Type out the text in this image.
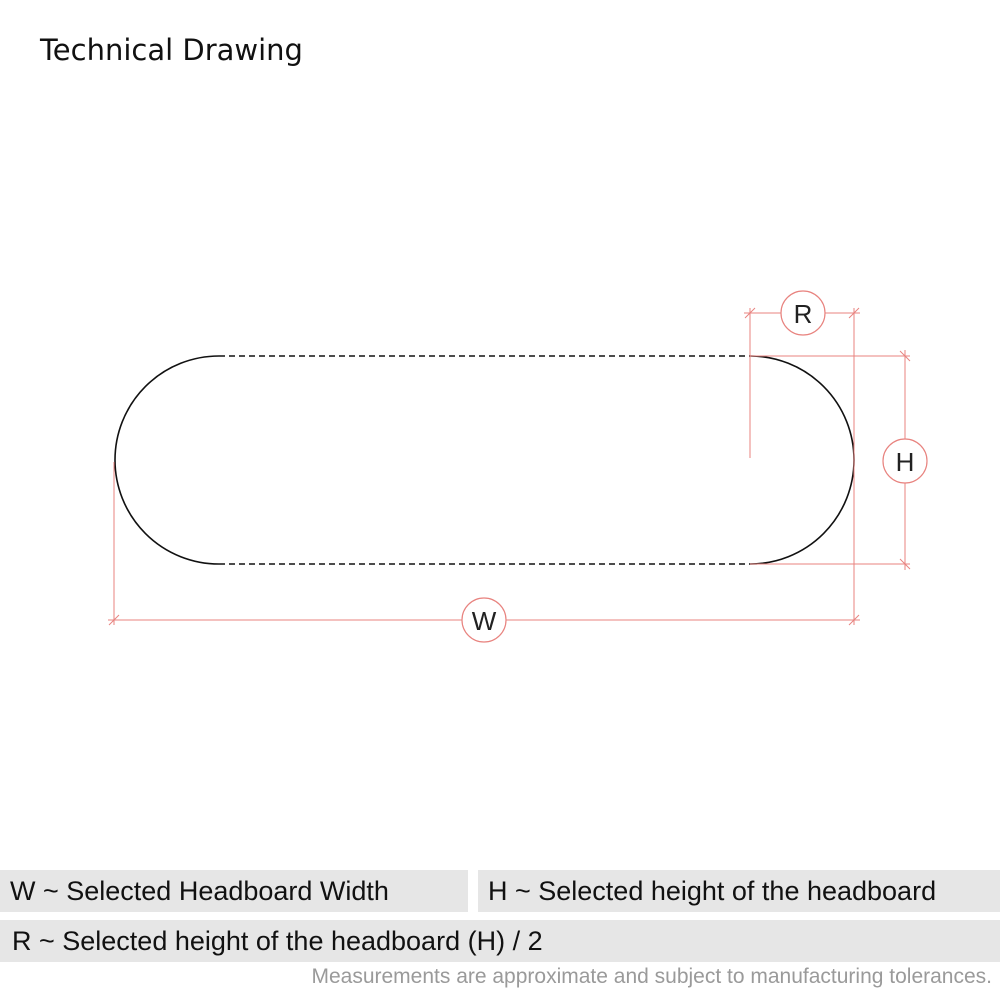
Technical Drawing
W
H
R
W ~ Selected Headboard Width	H ~ Selected height of the headboard
R ~ Selected height of the headboard (H) / 2
Measurements are approximate and subject to manufacturing tolerances.
